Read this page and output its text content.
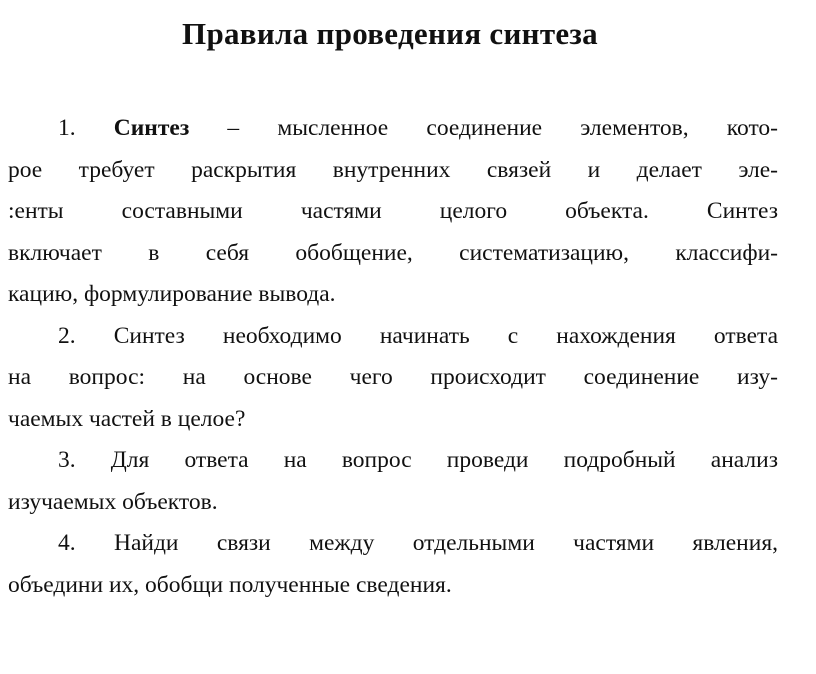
Правила проведения синтеза
1. Синтез – мысленное соединение элементов, кото-
рое требует раскрытия внутренних связей и делает эле-
:енты составными частями целого объекта. Синтез
включает в себя обобщение, систематизацию, классифи-
кацию, формулирование вывода.
2. Синтез необходимо начинать с нахождения ответа
на вопрос: на основе чего происходит соединение изу-
чаемых частей в целое?
3. Для ответа на вопрос проведи подробный анализ
изучаемых объектов.
4. Найди связи между отдельными частями явления,
объедини их, обобщи полученные сведения.
